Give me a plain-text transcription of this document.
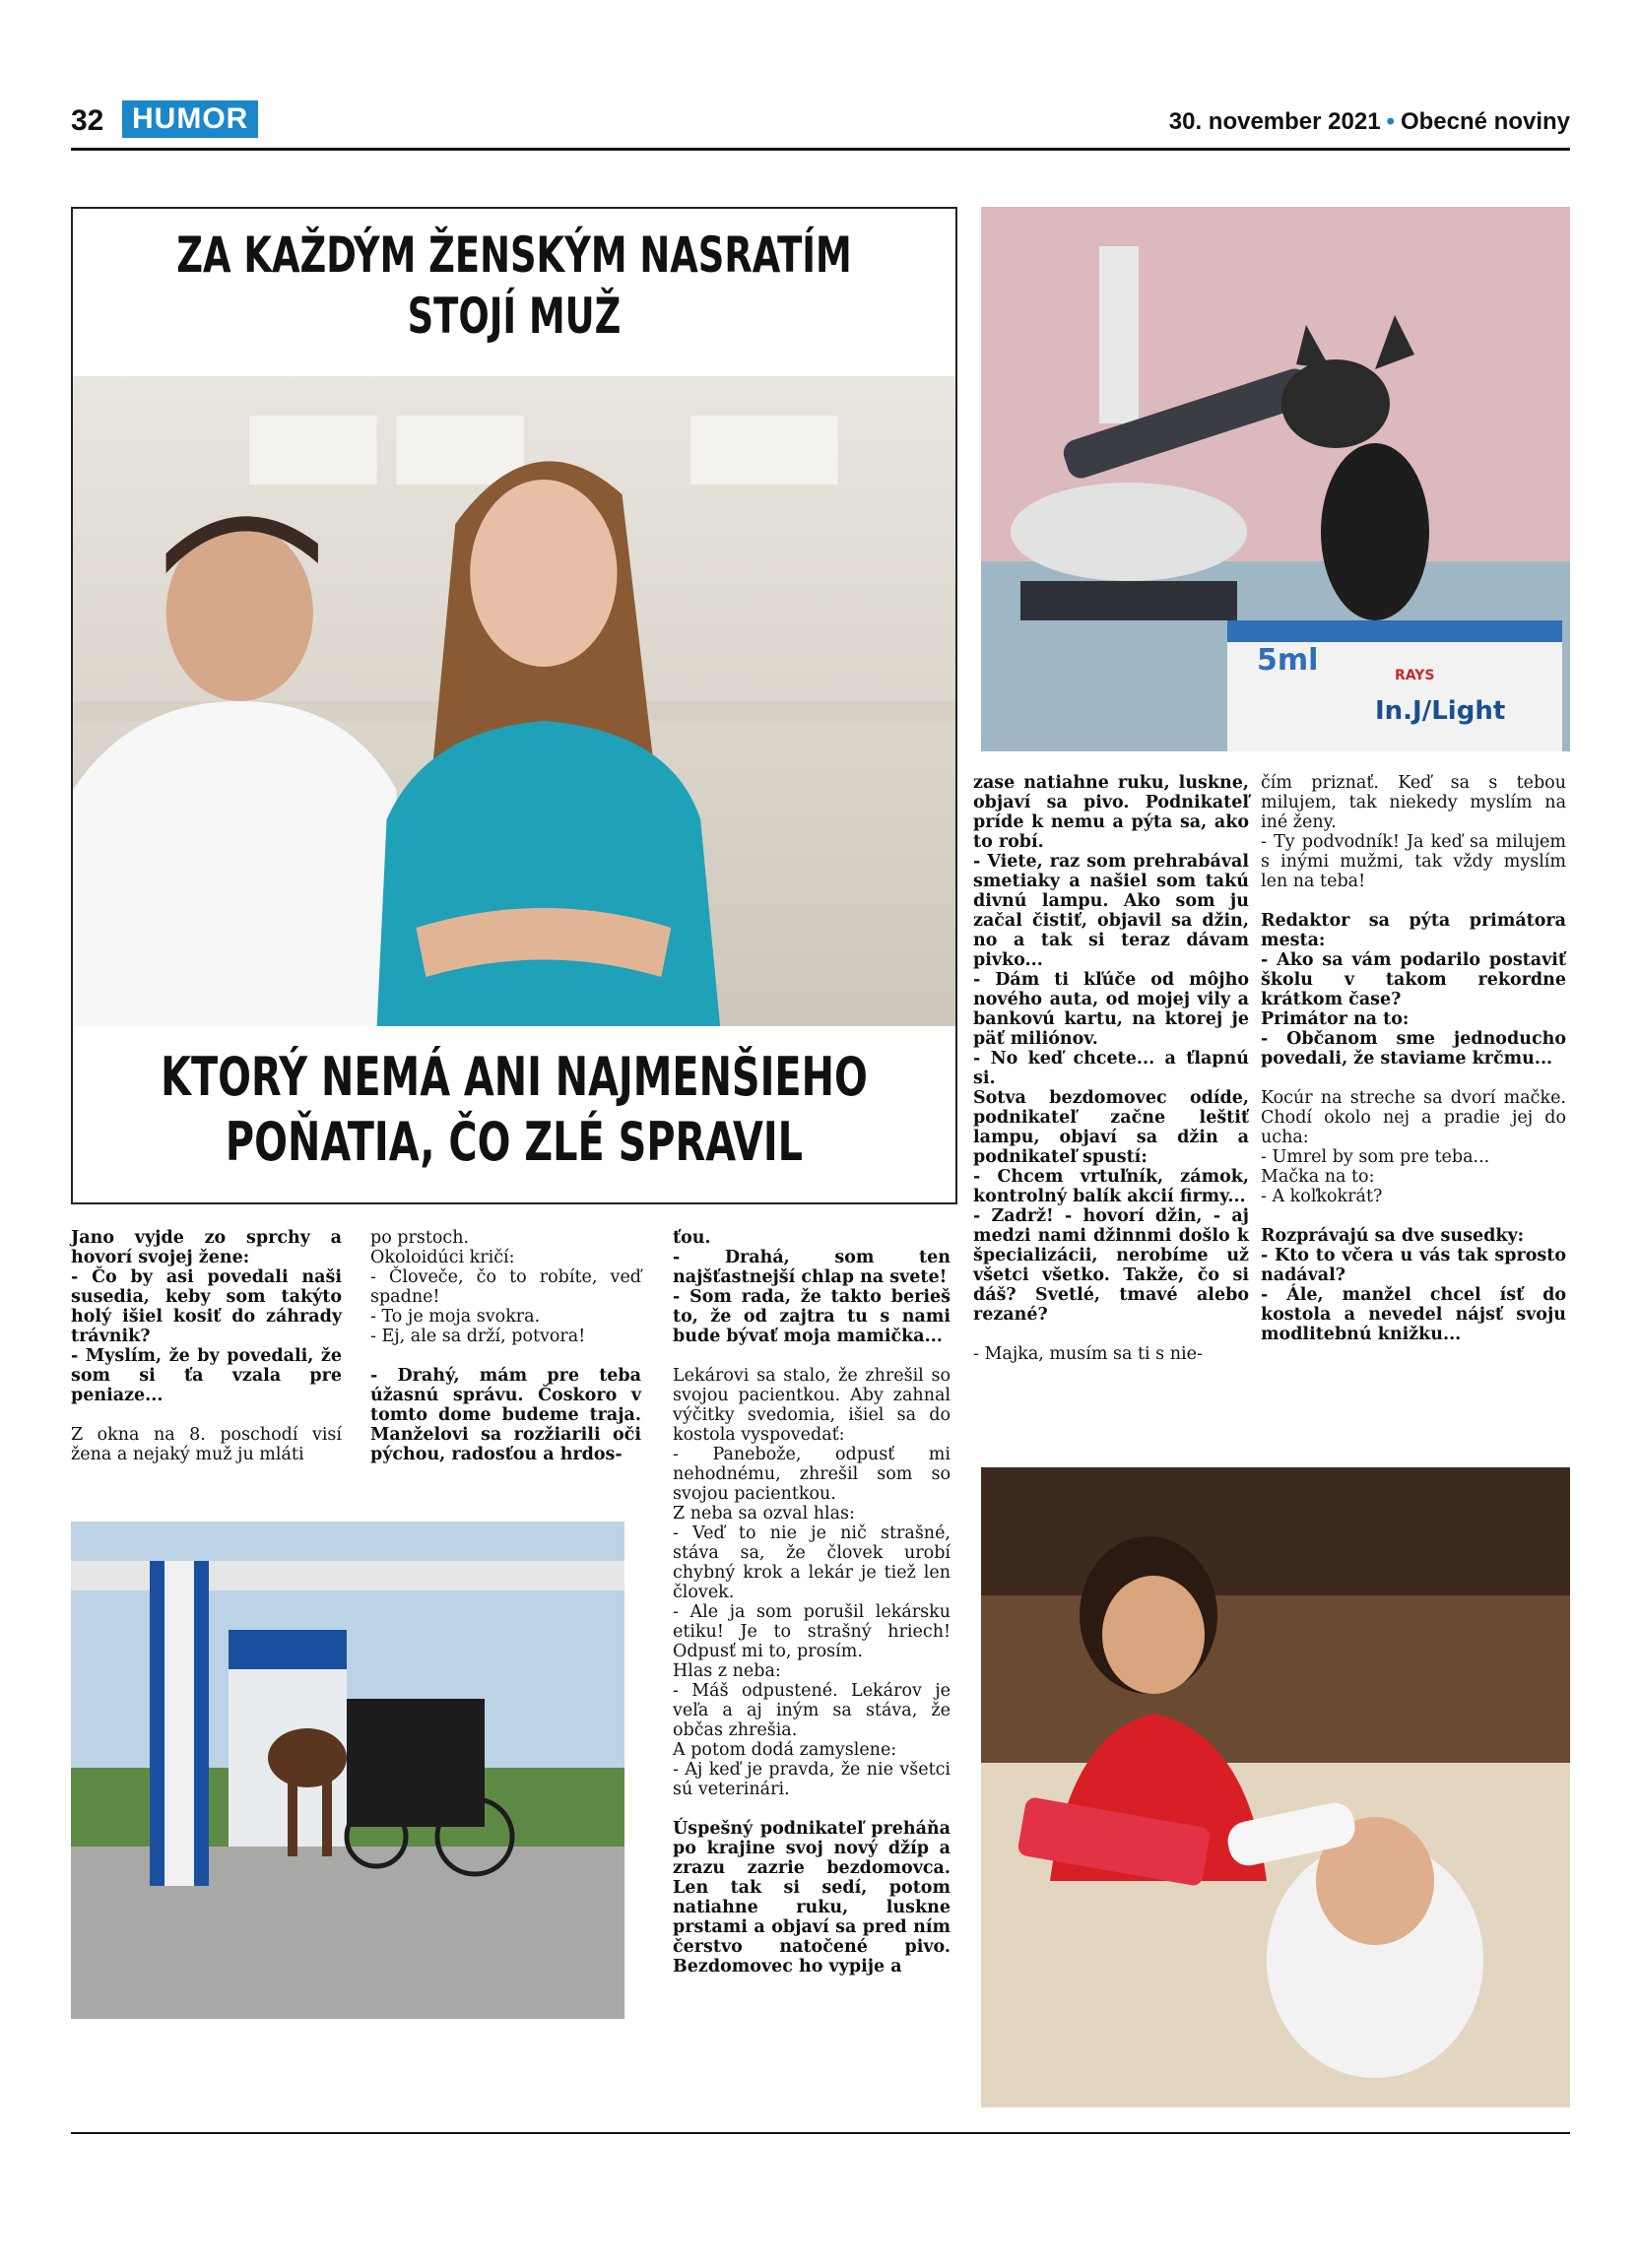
32 HUMOR	30. november 2021 • Obecné noviny
ZA KAŽDÝM ŽENSKÝM NASRATÍM
STOJÍ MUŽ
KTORÝ NEMÁ ANI NAJMENŠIEHO
POŇATIA, ČO ZLÉ SPRAVIL
5ml
In.J/Light
RAYS

Jano vyjde zo sprchy a hovorí svojej žene:

- Čo by asi povedali naši susedia, keby som takýto holý išiel kosiť do záhrady trávnik?

- Myslím, že by povedali, že som si ťa vzala pre peniaze...

Z okna na 8. poschodí visí žena a nejaký muž ju mláti

po prstoch.

Okoloidúci kričí:

- Človeče, čo to robíte, veď spadne!

- To je moja svokra.

- Ej, ale sa drží, potvora!

- Drahý, mám pre teba úžasnú správu. Čoskoro v tomto dome budeme traja. Manželovi sa rozžiarili oči pýchou, radosťou a hrdos-

ťou.

- Drahá, som ten najšťastnejší chlap na svete!

- Som rada, že takto berieš to, že od zajtra tu s nami bude bývať moja mamička...

Lekárovi sa stalo, že zhrešil so svojou pacientkou. Aby zahnal výčitky svedomia, išiel sa do kostola vyspovedať:

- Panebože, odpusť mi nehodnému, zhrešil som so svojou pacientkou.

Z neba sa ozval hlas:

- Veď to nie je nič strašné, stáva sa, že človek urobí chybný krok a lekár je tiež len človek.

- Ale ja som porušil lekársku etiku! Je to strašný hriech! Odpusť mi to, prosím.

Hlas z neba:

- Máš odpustené. Lekárov je veľa a aj iným sa stáva, že občas zhrešia.

A potom dodá zamyslene:

- Aj keď je pravda, že nie všetci sú veterinári.

Úspešný podnikateľ preháňa po krajine svoj nový džíp a zrazu zazrie bezdomovca. Len tak si sedí, potom natiahne ruku, luskne prstami a objaví sa pred ním čerstvo natočené pivo. Bezdomovec ho vypije a

zase natiahne ruku, luskne, objaví sa pivo. Podnikateľ príde k nemu a pýta sa, ako to robí.

- Viete, raz som prehrabával smetiaky a našiel som takú divnú lampu. Ako som ju začal čistiť, objavil sa džin, no a tak si teraz dávam pivko...

- Dám ti kľúče od môjho nového auta, od mojej vily a bankovú kartu, na ktorej je päť miliónov.

- No keď chcete... a ťlapnú si.

Sotva bezdomovec odíde, podnikateľ začne leštiť lampu, objaví sa džin a podnikateľ spustí:

- Chcem vrtuľník, zámok, kontrolný balík akcií firmy...

- Zadrž! - hovorí džin, - aj medzi nami džinnmi došlo k špecializácii, nerobíme už všetci všetko. Takže, čo si dáš? Svetlé, tmavé alebo rezané?

- Majka, musím sa ti s nie-

čím priznať. Keď sa s tebou milujem, tak niekedy myslím na iné ženy.

- Ty podvodník! Ja keď sa milujem s inými mužmi, tak vždy myslím len na teba!

Redaktor sa pýta primátora mesta:

- Ako sa vám podarilo postaviť školu v takom rekordne krátkom čase?

Primátor na to:

- Občanom sme jednoducho povedali, že staviame krčmu...

Kocúr na streche sa dvorí mačke. Chodí okolo nej a pradie jej do ucha:

- Umrel by som pre teba...

Mačka na to:

- A koľkokrát?

Rozprávajú sa dve susedky:

- Kto to včera u vás tak sprosto nadával?

- Ále, manžel chcel ísť do kostola a nevedel nájsť svoju modlitebnú knižku...
